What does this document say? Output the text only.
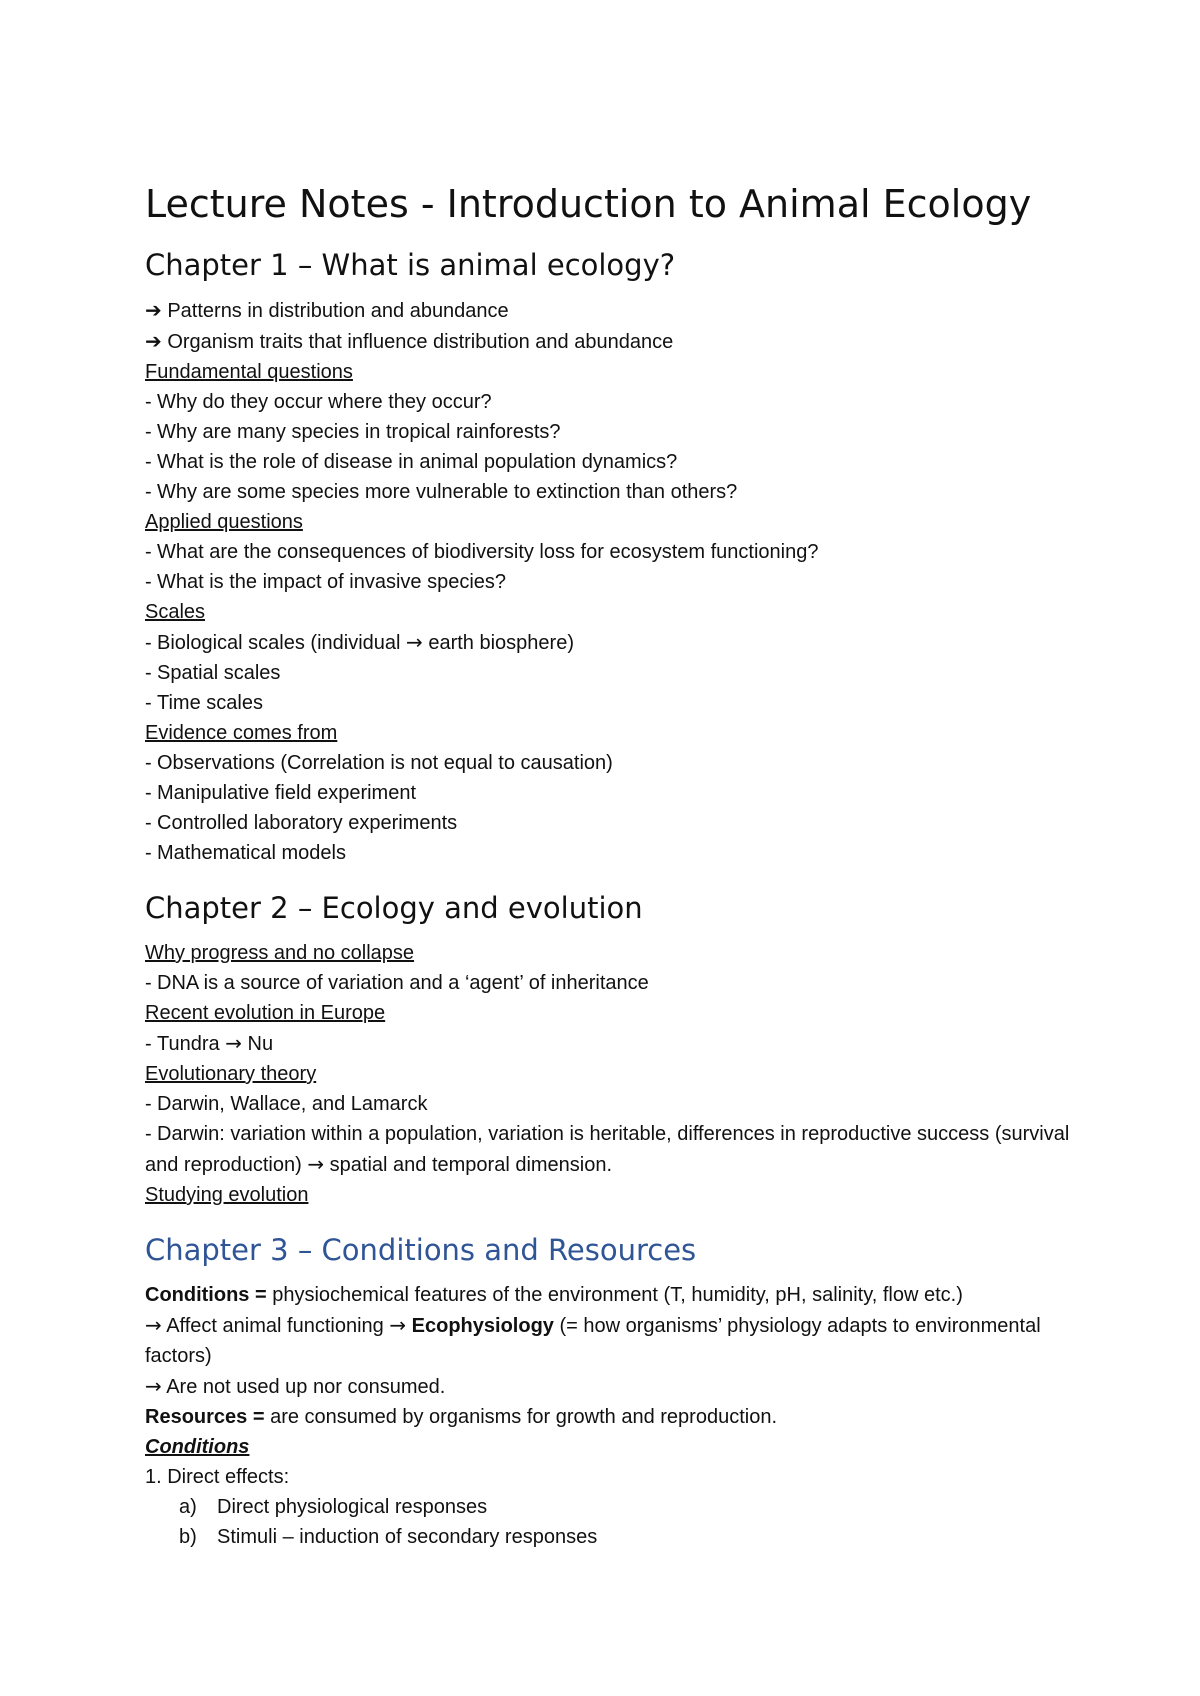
Lecture Notes - Introduction to Animal Ecology
Chapter 1 – What is animal ecology?
➔ Patterns in distribution and abundance
➔ Organism traits that influence distribution and abundance
Fundamental questions
- Why do they occur where they occur?
- Why are many species in tropical rainforests?
- What is the role of disease in animal population dynamics?
- Why are some species more vulnerable to extinction than others?
Applied questions
- What are the consequences of biodiversity loss for ecosystem functioning?
- What is the impact of invasive species?
Scales
- Biological scales (individual → earth biosphere)
- Spatial scales
- Time scales
Evidence comes from
- Observations (Correlation is not equal to causation)
- Manipulative field experiment
- Controlled laboratory experiments
- Mathematical models
Chapter 2 – Ecology and evolution
Why progress and no collapse
- DNA is a source of variation and a ‘agent’ of inheritance
Recent evolution in Europe
- Tundra → Nu
Evolutionary theory
- Darwin, Wallace, and Lamarck
- Darwin: variation within a population, variation is heritable, differences in reproductive success (survival and reproduction) → spatial and temporal dimension.
Studying evolution
Chapter 3 – Conditions and Resources
Conditions = physiochemical features of the environment (T, humidity, pH, salinity, flow etc.)
→ Affect animal functioning → Ecophysiology (= how organisms’ physiology adapts to environmental factors)
→ Are not used up nor consumed.
Resources = are consumed by organisms for growth and reproduction.
Conditions
1. Direct effects:
a) Direct physiological responses
b) Stimuli – induction of secondary responses
